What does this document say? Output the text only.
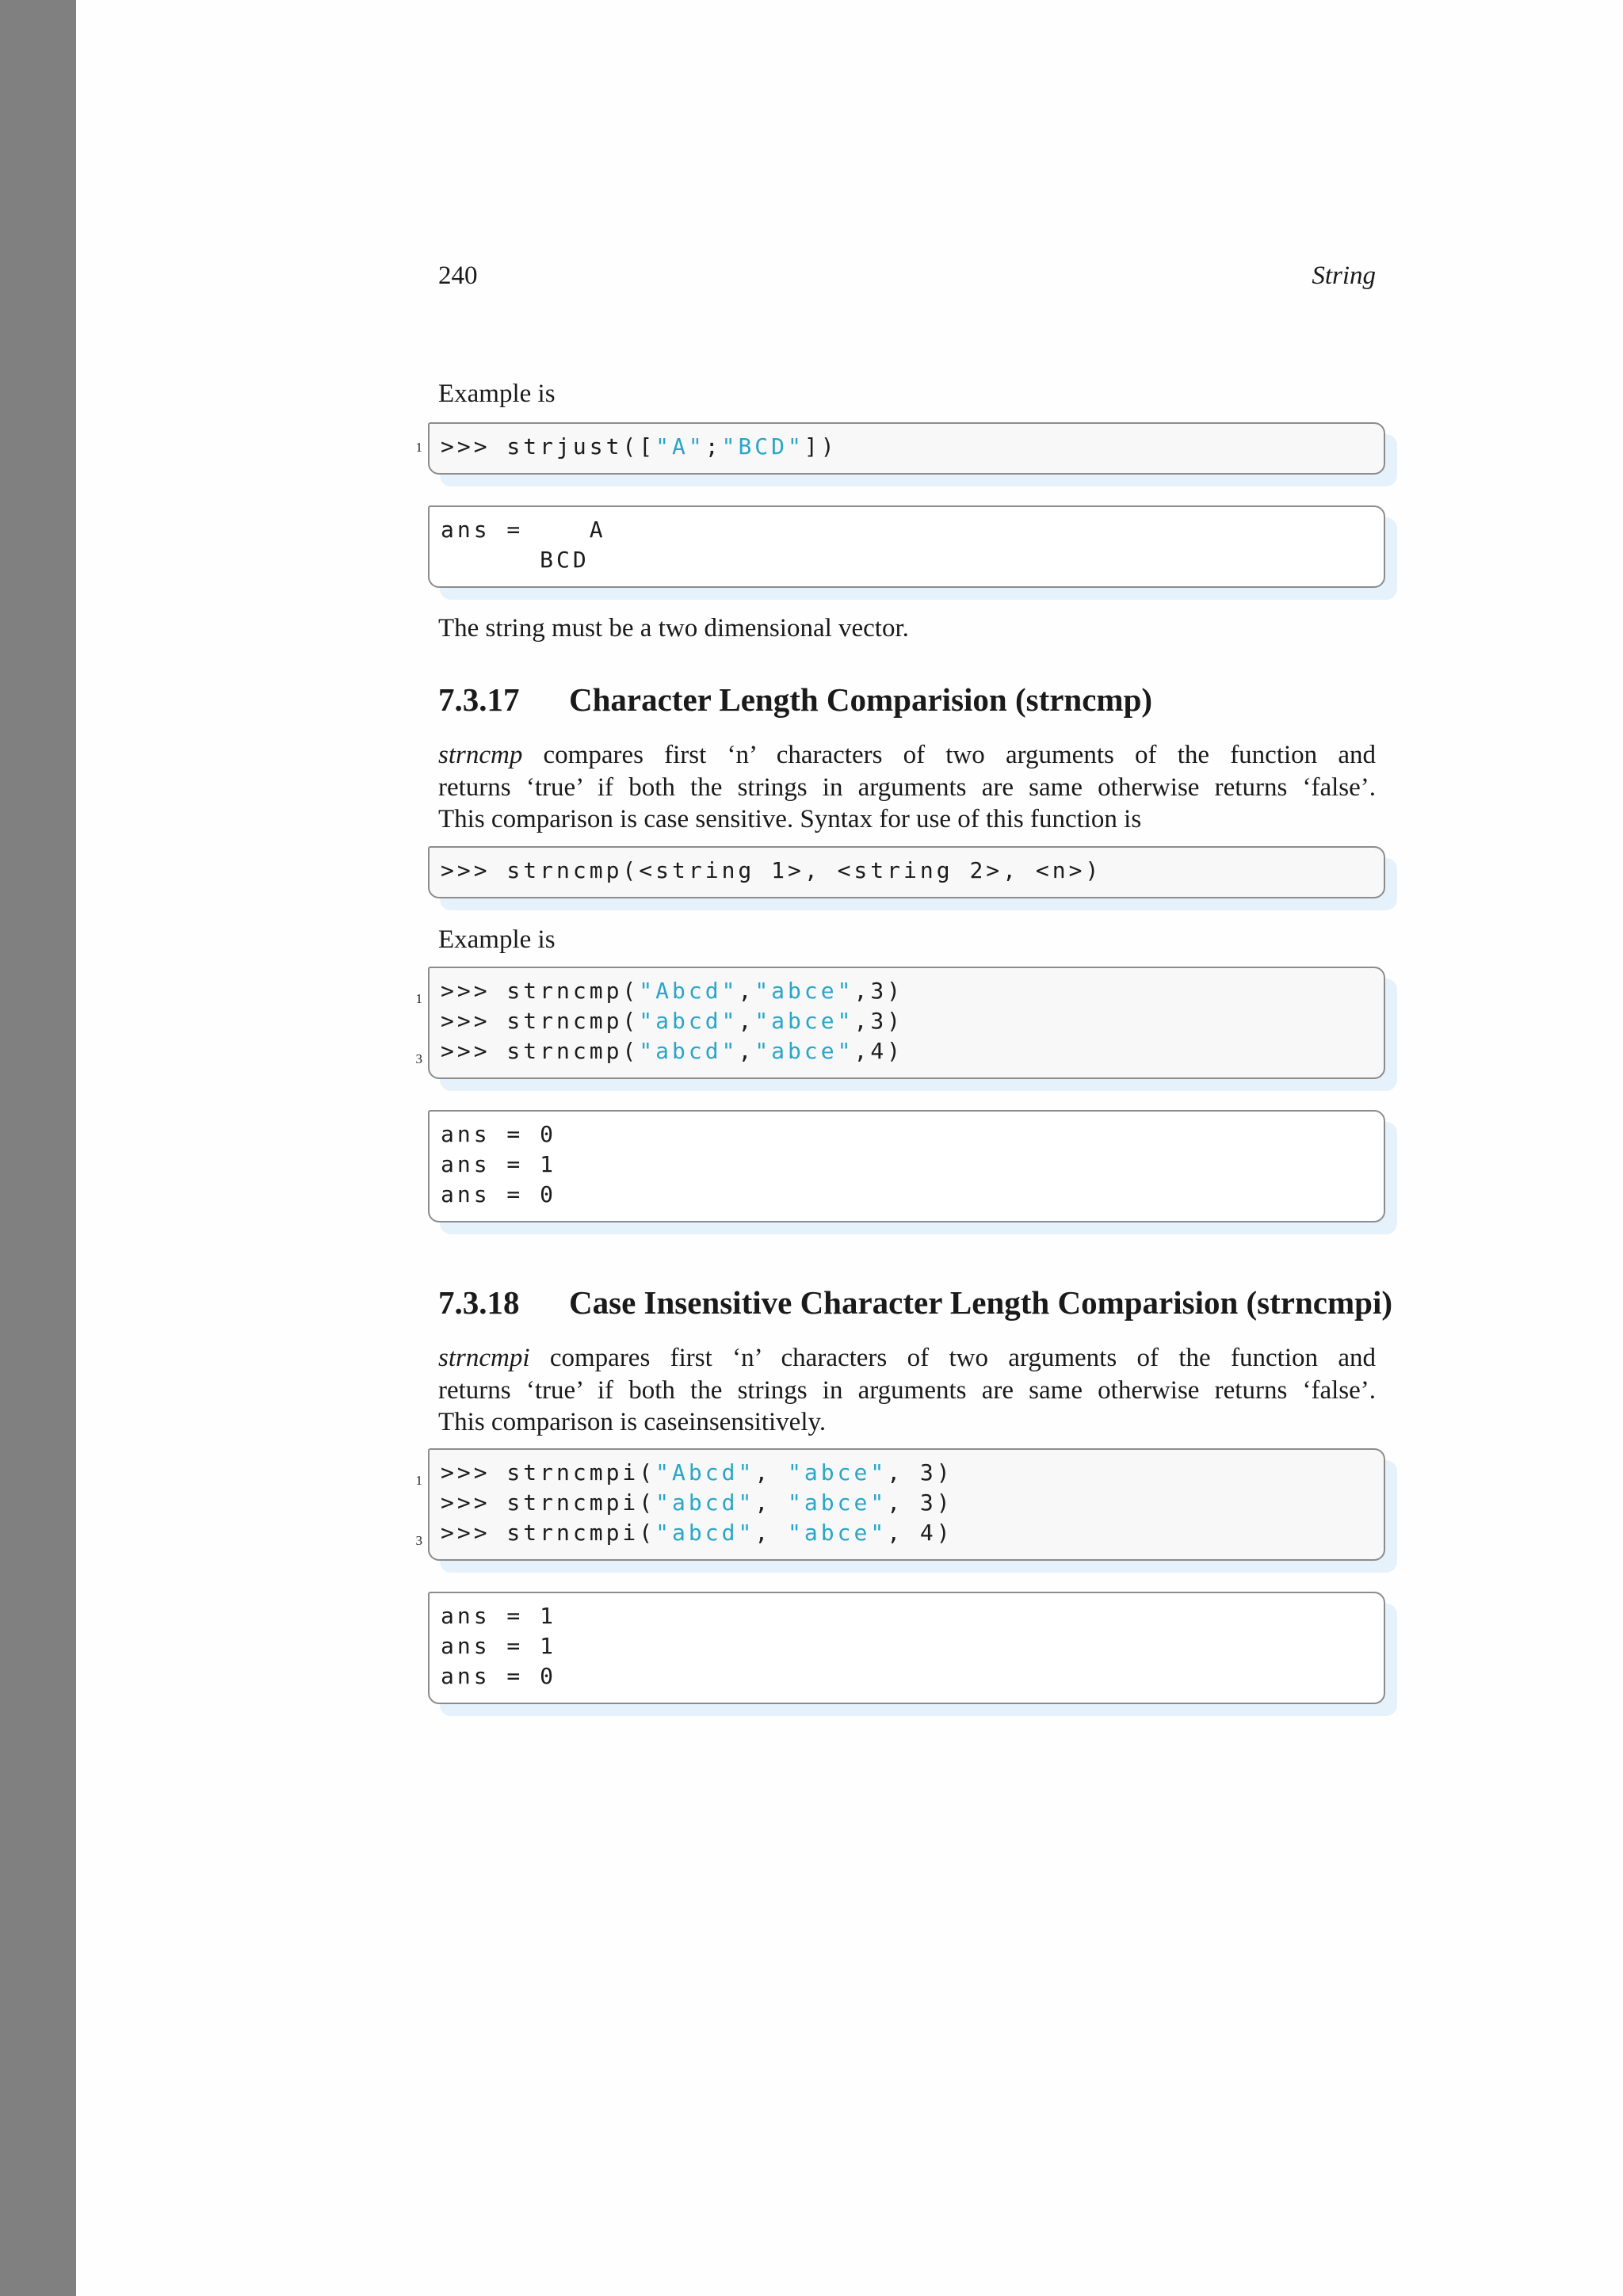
240	String
Example is
1 >>> strjust(["A";"BCD"])
ans =    A
BCD
The string must be a two dimensional vector.
7.3.17 Character Length Comparision (strncmp)
strncmp compares first ‘n’ characters of two arguments of the function and
returns ‘true’ if both the strings in arguments are same otherwise returns ‘false’.
This comparison is case sensitive. Syntax for use of this function is
>>> strncmp(<string 1>, <string 2>, <n>)
Example is
1
3
>>> strncmp("Abcd","abce",3)
>>> strncmp("abcd","abce",3)
>>> strncmp("abcd","abce",4)
ans = 0
ans = 1
ans = 0
7.3.18 Case Insensitive Character Length Comparision (strncmpi)
strncmpi compares first ‘n’ characters of two arguments of the function and
returns ‘true’ if both the strings in arguments are same otherwise returns ‘false’.
This comparison is caseinsensitively.
1
3
>>> strncmpi("Abcd", "abce", 3)
>>> strncmpi("abcd", "abce", 3)
>>> strncmpi("abcd", "abce", 4)
ans = 1
ans = 1
ans = 0
